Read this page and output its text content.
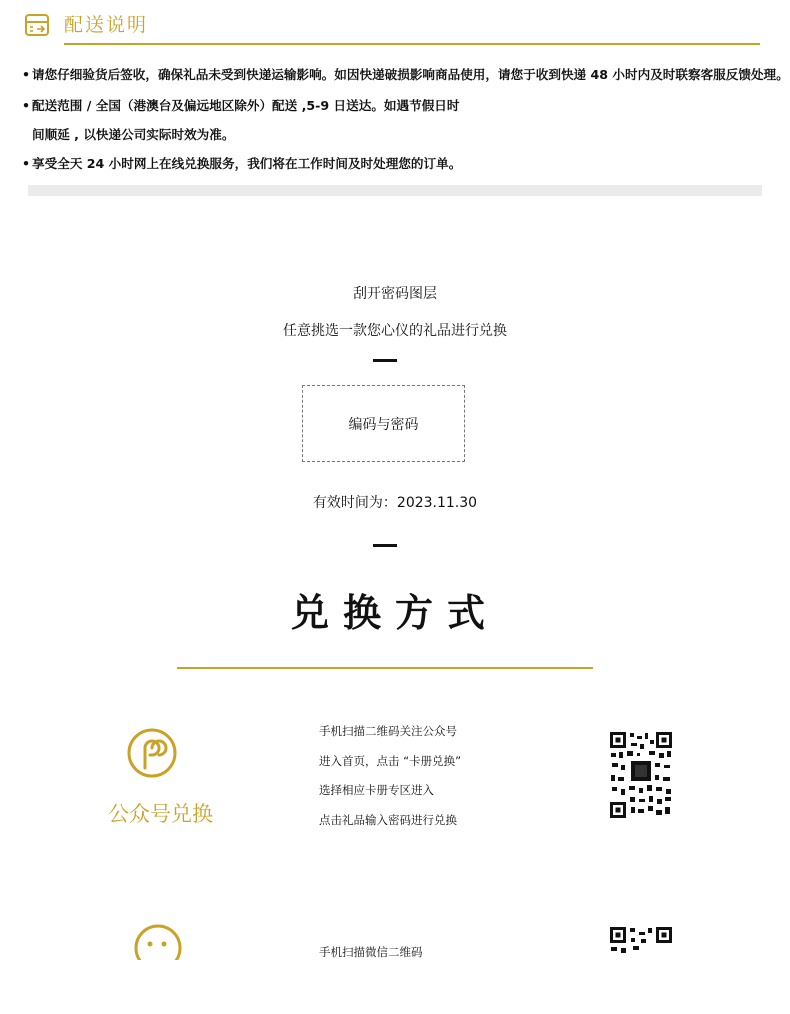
配送说明
• 请您仔细验货后签收，确保礼品未受到快递运输影响。如因快递破损影响商品使用，请您于收到快递 48 小时内及时联察客服反馈处理。
• 配送范围 / 全国（港澳台及偏远地区除外）配送 ,5-9 日送达。如遇节假日时
间顺延 , 以快递公司实际时效为准。
• 享受全天 24 小时网上在线兑换服务，我们将在工作时间及时处理您的订单。
刮开密码图层
任意挑选一款您心仪的礼品进行兑换
编码与密码
有效时间为：2023.11.30
兑换方式
公众号兑换
手机扫描二维码关注公众号
进入首页，点击 “卡册兑换”
选择相应卡册专区进入
点击礼品输入密码进行兑换
手机扫描微信二维码
